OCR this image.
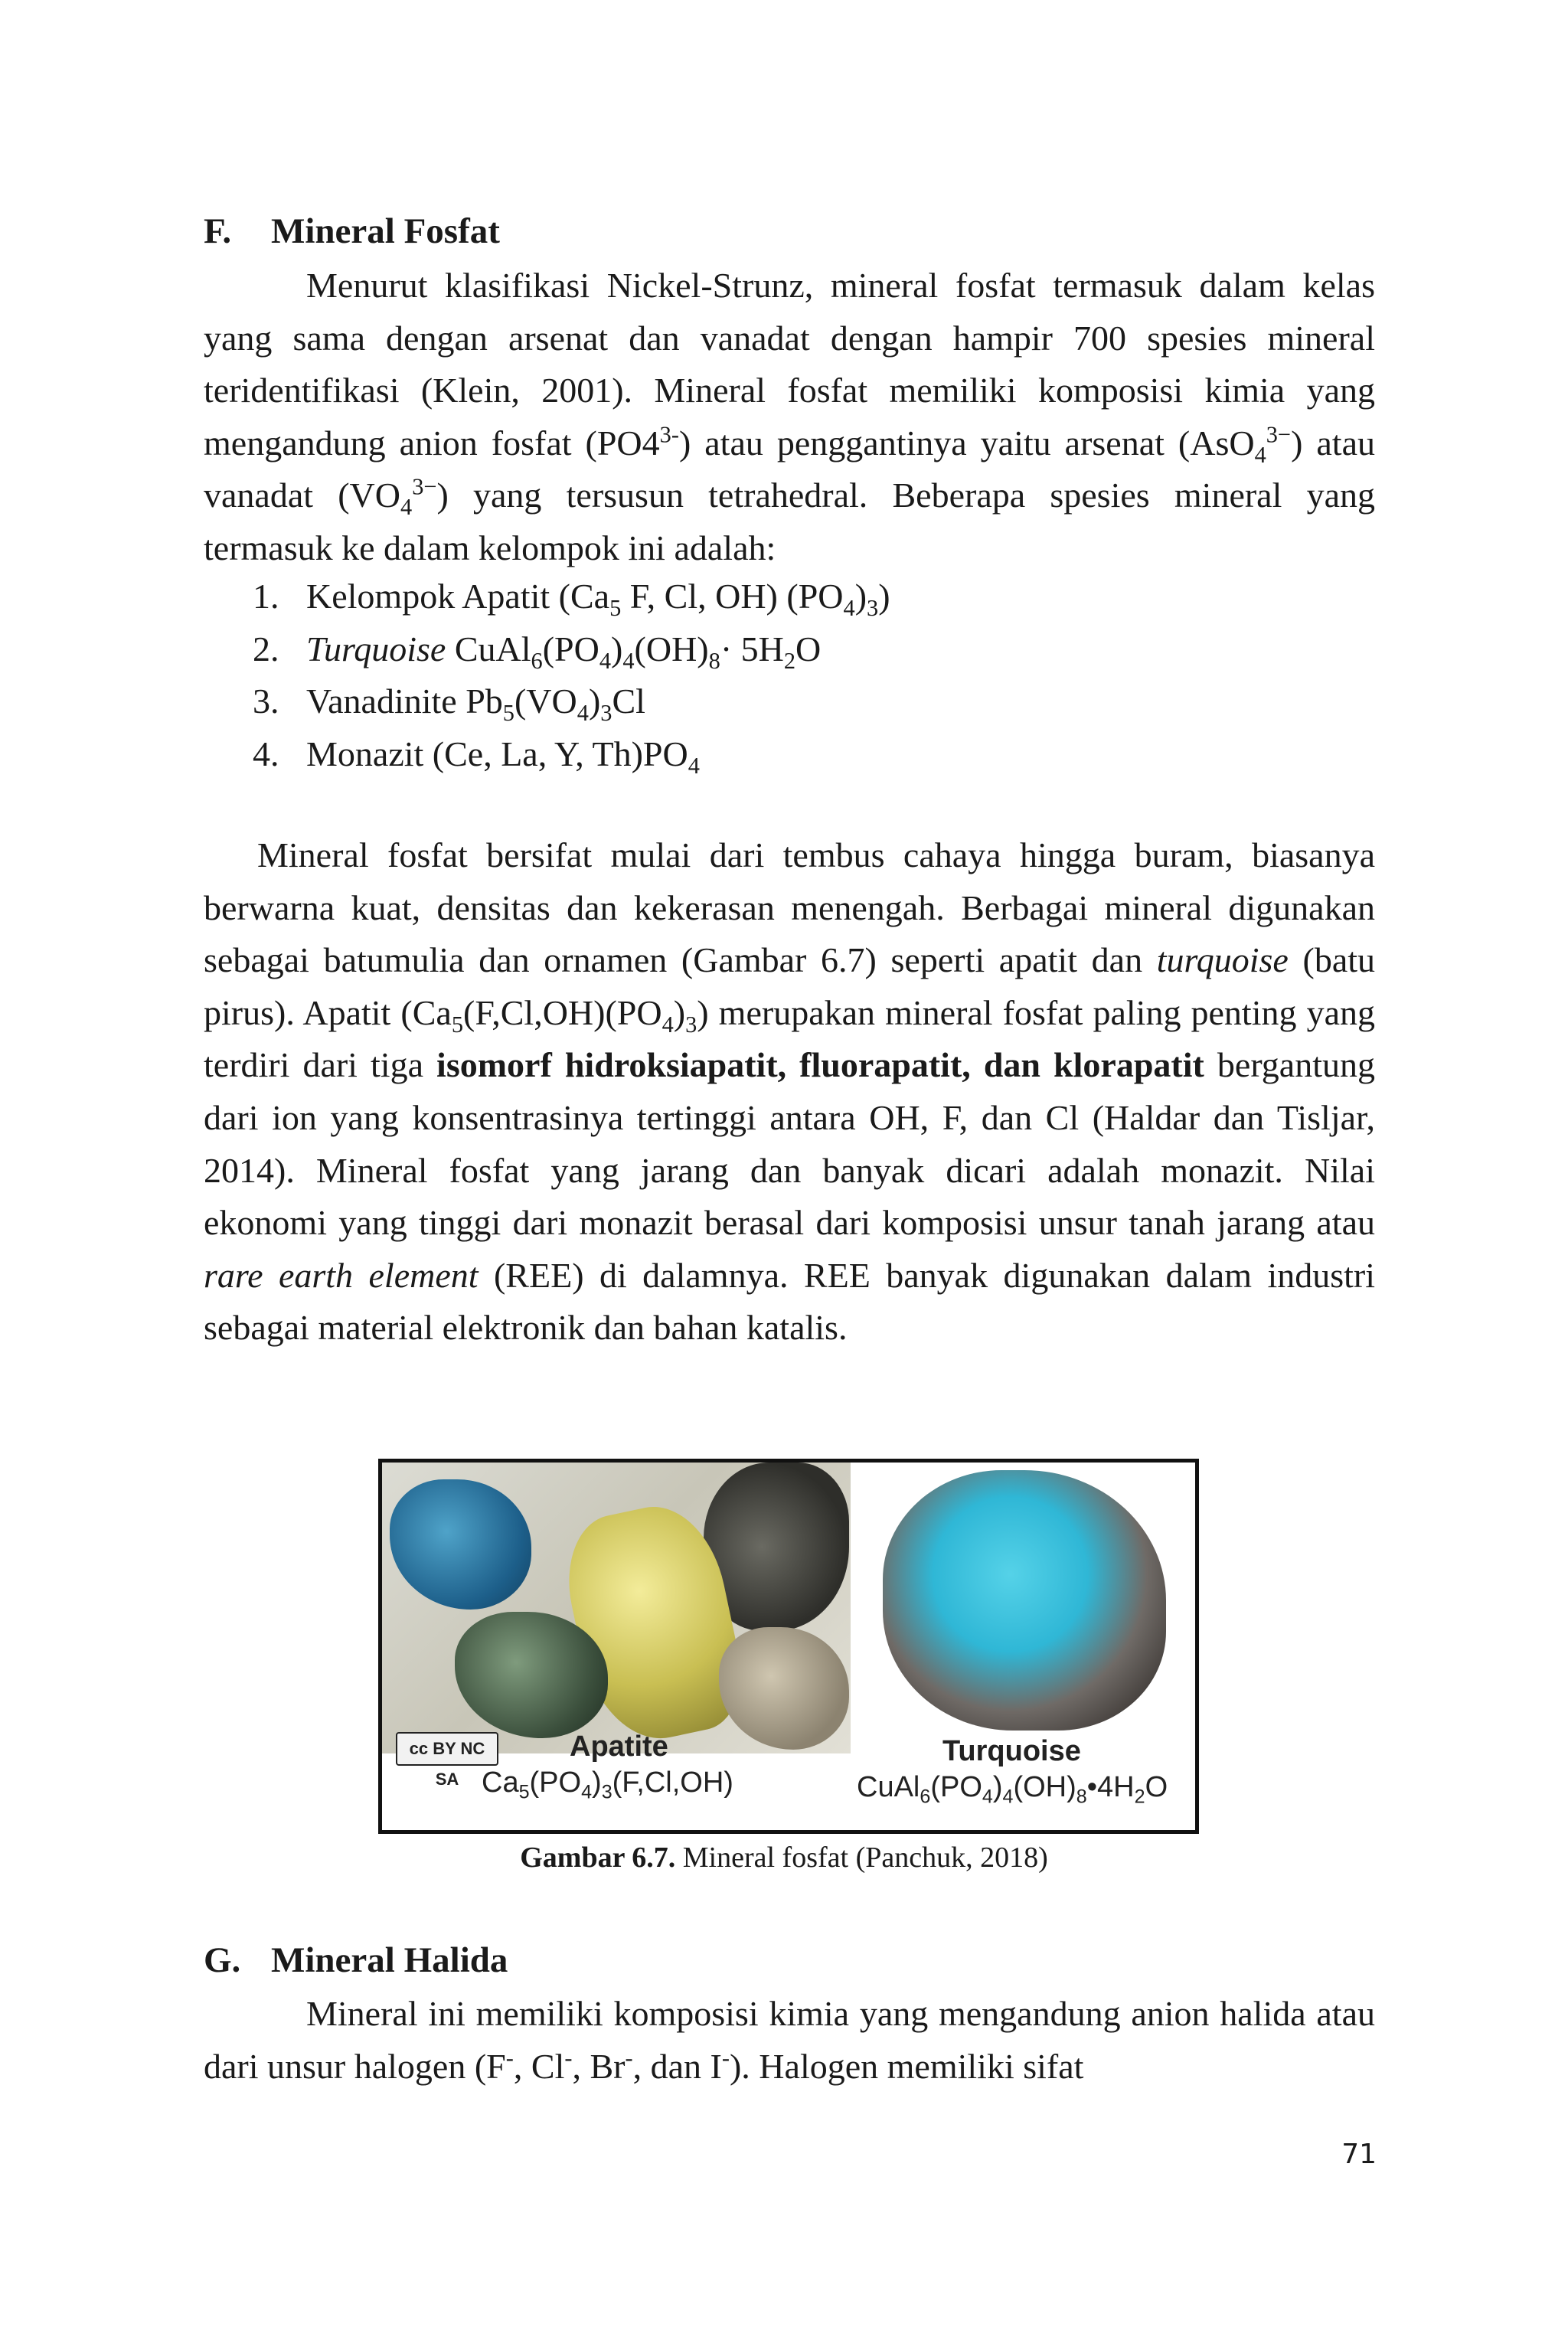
F. Mineral Fosfat

Menurut klasifikasi Nickel-Strunz, mineral fosfat termasuk dalam kelas yang sama dengan arsenat dan vanadat dengan hampir 700 spesies mineral teridentifikasi (Klein, 2001). Mineral fosfat memiliki komposisi kimia yang mengandung anion fosfat $(PO4^{3-})$ atau penggantinya yaitu arsenat (AsO$_4^{3-}$) atau vanadat $(VO_4^{3-})$ yang tersusun tetrahedral. Beberapa spesies mineral yang termasuk ke dalam kelompok ini adalah:

1. Kelompok Apatit ($Ca_5$ F, Cl, OH) $(PO_4)_3$)
2. Turquoise $CuAl_6(PO_4)_4(OH)_8\cdot 5H_2O$
3. Vanadinite $Pb_5(VO_4)_3Cl$
4. Monazit (Ce, La, Y, $Th)PO_4$

Mineral fosfat bersifat mulai dari tembus cahaya hingga buram, biasanya berwarna kuat, densitas dan kekerasan menengah. Berbagai mineral digunakan sebagai batumulia dan ornamen (Gambar 6.7) seperti apatit dan turquoise (batu pirus). Apatit $(Ca_5(F,Cl,OH)(PO_4)_3)$ merupakan mineral fosfat paling penting yang terdiri dari tiga isomorf hidroksiapatit, fluorapatit, dan klorapatit bergantung dari ion yang konsentrasinya tertinggi antara OH, F, dan Cl (Haldar dan Tisljar, 2014). Mineral fosfat yang jarang dan banyak dicari adalah monazit. Nilai ekonomi yang tinggi dari monazit berasal dari komposisi unsur tanah jarang atau rare earth element (REE) di dalamnya. REE banyak digunakan dalam industri sebagai material elektronik dan bahan katalis.

cc BY NC SA
Apatite
$Ca_5(PO_4)_3(F,Cl,OH)$
Turquoise
$CuAl_6(PO_4)_4(OH)_8•4H_2O$
Gambar 6.7. Mineral fosfat (Panchuk, 2018)
G. Mineral Halida

Mineral ini memiliki komposisi kimia yang mengandung anion halida atau dari unsur halogen (F-, Cl-, Br-, dan I-). Halogen memiliki sifat

71
